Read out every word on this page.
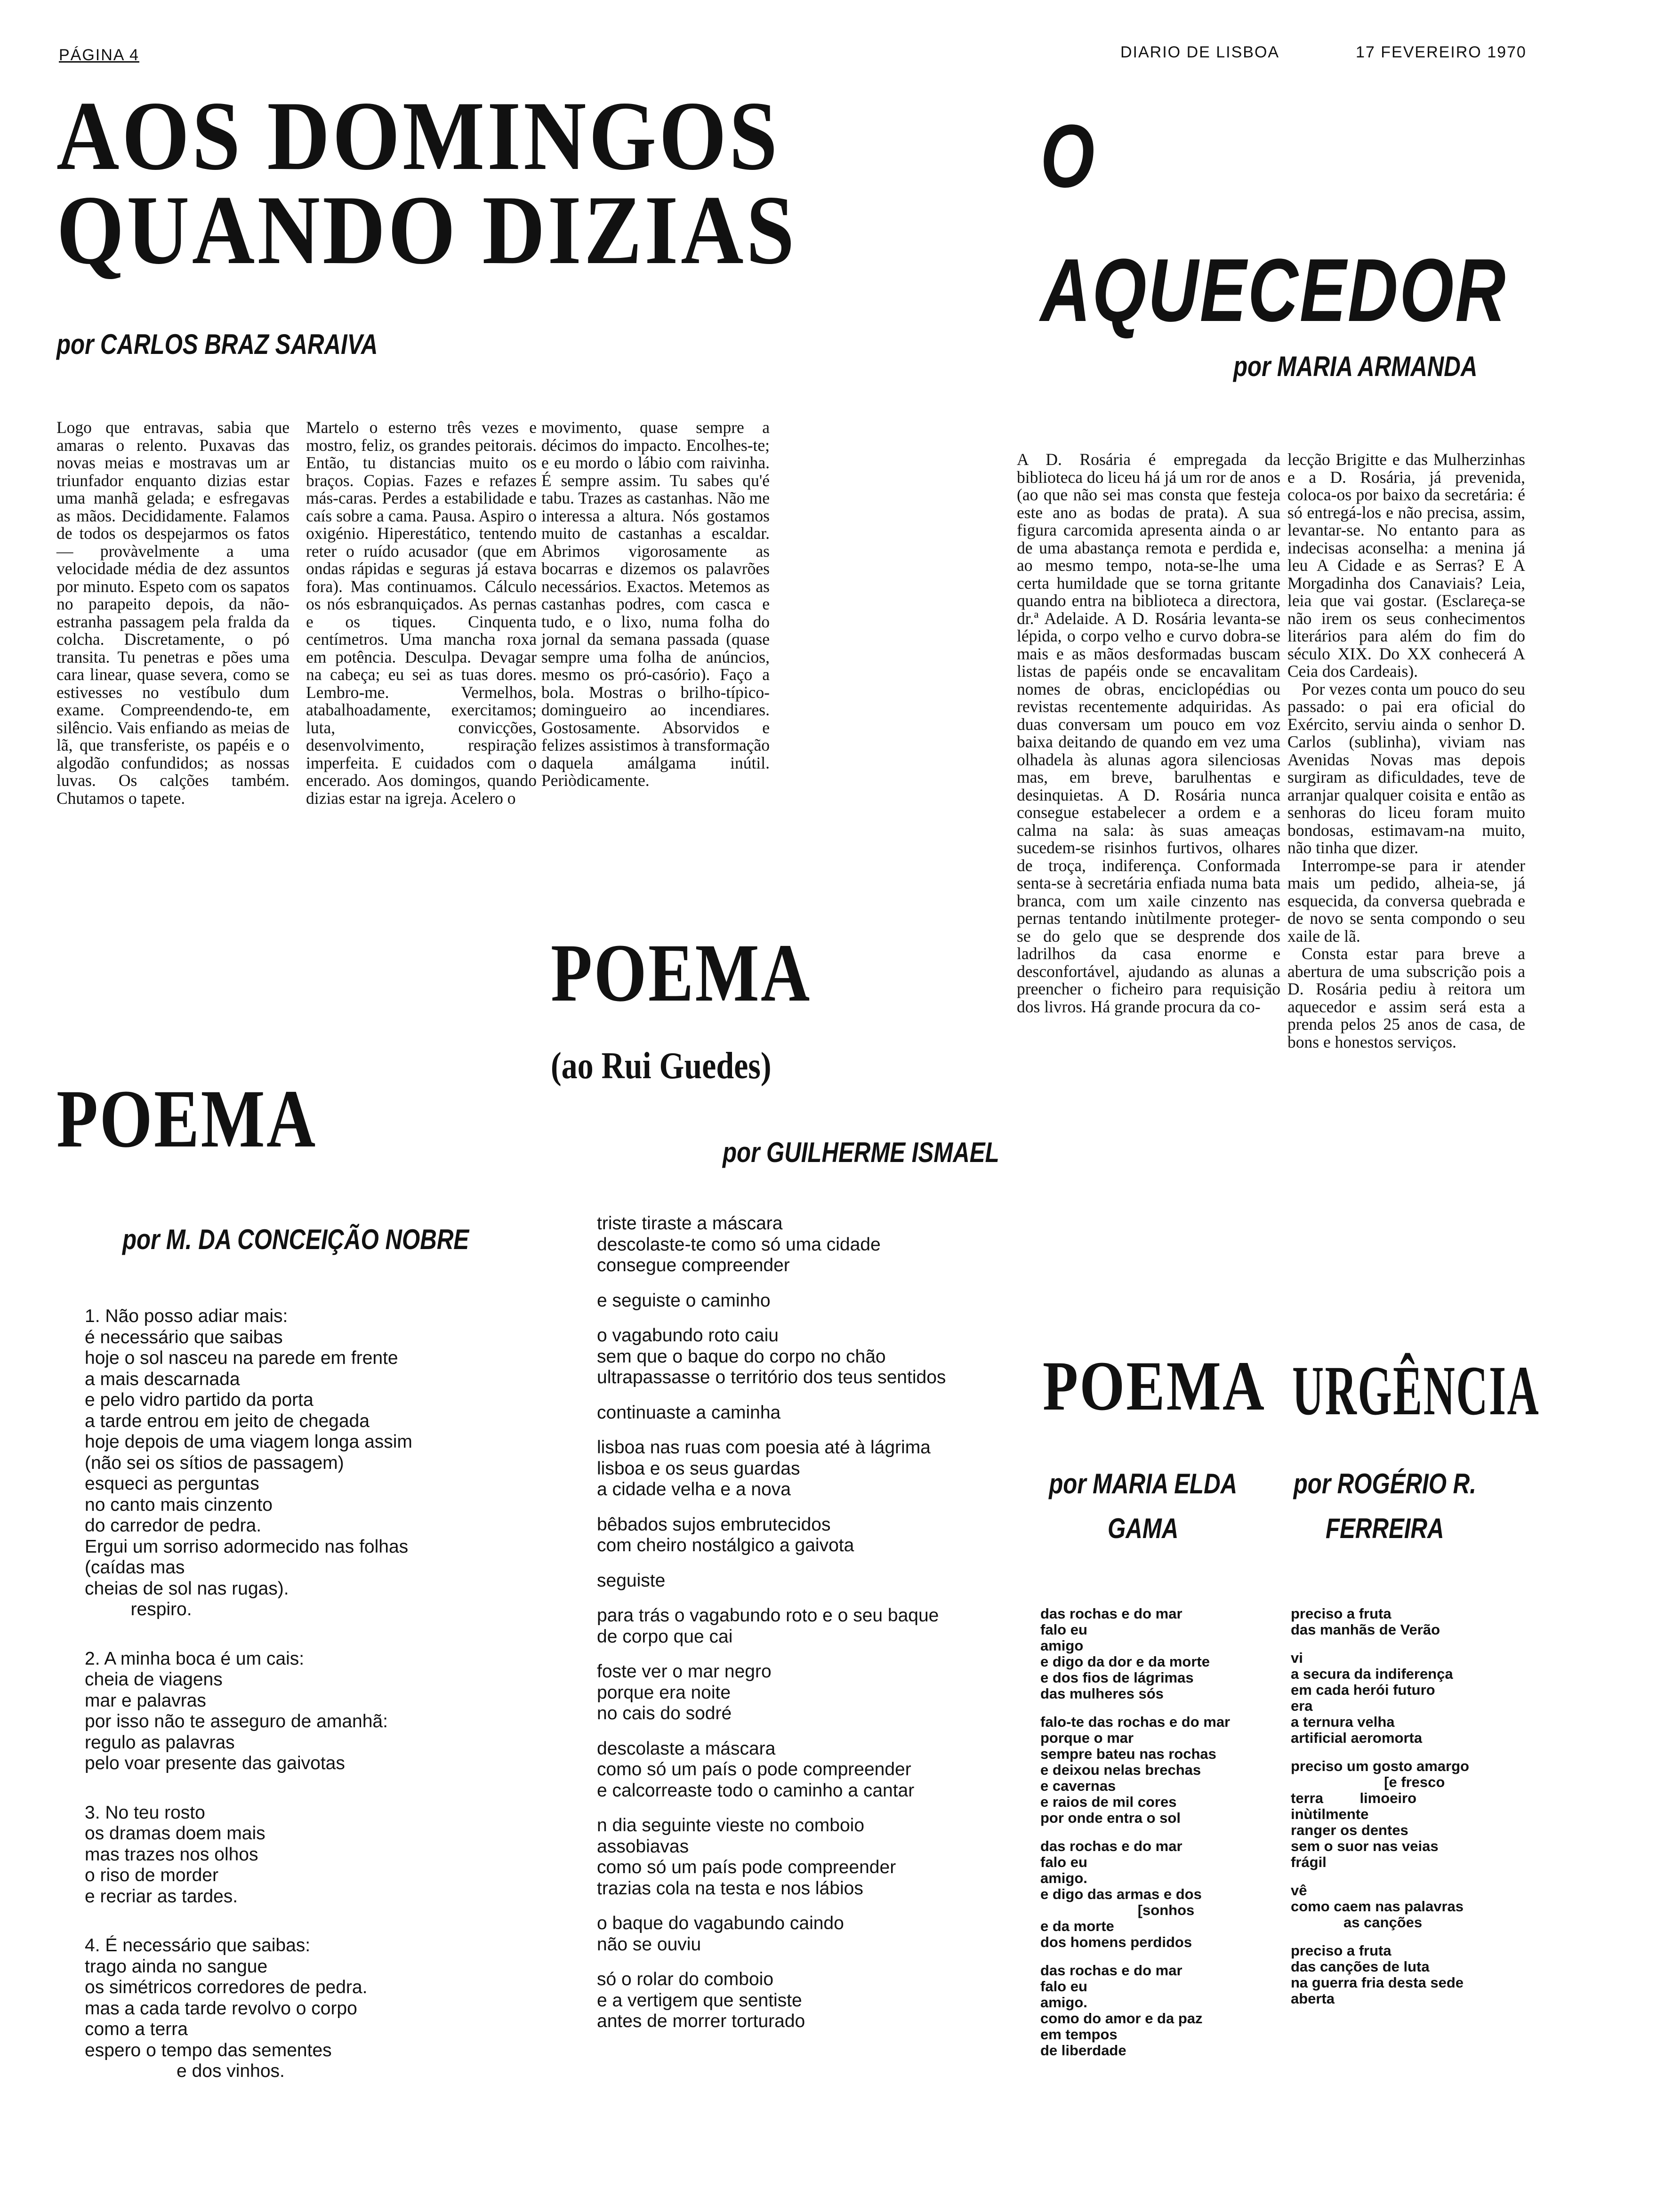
PÁGINA 4	DIARIO DE LISBOA	17 FEVEREIRO 1970
AOS DOMINGOS
QUANDO DIZIAS
por CARLOS BRAZ SARAIVA
Logo que entravas, sabia que amaras o relento. Puxavas das novas meias e mostravas um ar triunfador enquanto dizias estar uma manhã gelada; e esfregavas as mãos. Decididamente. Falamos de todos os despejarmos os fatos— provàvelmente a uma velocidade média de dez assuntos por minuto. Espeto com os sapatos no parapeito depois, da não-estranha passagem pela fralda da colcha. Discretamente, o pó transita. Tu penetras e pões uma cara linear, quase severa, como se estivesses no vestíbulo dum exame. Compreendendo-te, em silêncio. Vais enfiando as meias de lã, que transferiste, os papéis e o algodão confundidos; as nossas luvas. Os calções também. Chutamos o tapete.
Martelo o esterno três vezes e mostro, feliz, os grandes peitorais. Então, tu distancias muito os braços. Copias. Fazes e refazes más-caras. Perdes a estabilidade e caís sobre a cama. Pausa. Aspiro o oxigénio. Hiperestático, tentendo reter o ruído acusador (que em ondas rápidas e seguras já estava fora). Mas continuamos. Cálculo os nós esbranquiçados. As pernas e os tiques. Cinquenta centímetros. Uma mancha roxa em potência. Desculpa. Devagar na cabeça; eu sei as tuas dores. Lembro-me. Vermelhos, atabalhoadamente, exercitamos; luta, convicções, desenvolvimento, respiração imperfeita. E cuidados com o encerado. Aos domingos, quando dizias estar na igreja. Acelero o
movimento, quase sempre a décimos do impacto. Encolhes-te; e eu mordo o lábio com raivinha. É sempre assim. Tu sabes qu'é tabu. Trazes as castanhas. Não me interessa a altura. Nós gostamos muito de castanhas a escaldar. Abrimos vigorosamente as bocarras e dizemos os palavrões necessários. Exactos. Metemos as castanhas podres, com casca e tudo, e o lixo, numa folha do jornal da semana passada (quase sempre uma folha de anúncios, mesmo os pró-casório). Faço a bola. Mostras o brilho-típico-domingueiro ao incendiares. Gostosamente. Absorvidos e felizes assistimos à transformação daquela amálgama inútil. Periòdicamente.
O
AQUECEDOR
por MARIA ARMANDA
A D. Rosária é empregada da biblioteca do liceu há já um ror de anos (ao que não sei mas consta que festeja este ano as bodas de prata). A sua figura carcomida apresenta ainda o ar de uma abastança remota e perdida e, ao mesmo tempo, nota-se-lhe uma certa humildade que se torna gritante quando entra na biblioteca a directora, dr.ª Adelaide. A D. Rosária levanta-se lépida, o corpo velho e curvo dobra-se mais e as mãos desformadas buscam listas de papéis onde se encavalitam nomes de obras, enciclopédias ou revistas recentemente adquiridas. As duas conversam um pouco em voz baixa deitando de quando em vez uma olhadela às alunas agora silenciosas mas, em breve, barulhentas e desinquietas. A D. Rosária nunca consegue estabelecer a ordem e a calma na sala: às suas ameaças sucedem-se risinhos furtivos, olhares de troça, indiferença. Conformada senta-se à secretária enfiada numa bata branca, com um xaile cinzento nas pernas tentando inùtilmente proteger-se do gelo que se desprende dos ladrilhos da casa enorme e desconfortável, ajudando as alunas a preencher o ficheiro para requisição dos livros. Há grande procura da co-

lecção Brigitte e das Mulherzinhas e a D. Rosária, já prevenida, coloca-os por baixo da secretária: é só entregá-los e não precisa, assim, levantar-se. No entanto para as indecisas aconselha: a menina já leu A Cidade e as Serras? E A Morgadinha dos Canaviais? Leia, leia que vai gostar. (Esclareça-se não irem os seus conhecimentos literários para além do fim do século XIX. Do XX conhecerá A Ceia dos Cardeais).

Por vezes conta um pouco do seu passado: o pai era oficial do Exército, serviu ainda o senhor D. Carlos (sublinha), viviam nas Avenidas Novas mas depois surgiram as dificuldades, teve de arranjar qualquer coisita e então as senhoras do liceu foram muito bondosas, estimavam-na muito, não tinha que dizer.

Interrompe-se para ir atender mais um pedido, alheia-se, já esquecida, da conversa quebrada e de novo se senta compondo o seu xaile de lã.

Consta estar para breve a abertura de uma subscrição pois a D. Rosária pediu à reitora um aquecedor e assim será esta a prenda pelos 25 anos de casa, de bons e honestos serviços.

POEMA
por M. DA CONCEIÇÃO NOBRE
1. Não posso adiar mais:
é necessário que saibas
hoje o sol nasceu na parede em frente
a mais descarnada
e pelo vidro partido da porta
a tarde entrou em jeito de chegada
hoje depois de uma viagem longa assim
(não sei os sítios de passagem)
esqueci as perguntas
no canto mais cinzento
do carredor de pedra.
Ergui um sorriso adormecido nas folhas
(caídas mas
cheias de sol nas rugas).
respiro.
2. A minha boca é um cais:
cheia de viagens
mar e palavras
por isso não te asseguro de amanhã:
regulo as palavras
pelo voar presente das gaivotas
3. No teu rosto
os dramas doem mais
mas trazes nos olhos
o riso de morder
e recriar as tardes.
4. É necessário que saibas:
trago ainda no sangue
os simétricos corredores de pedra.
mas a cada tarde revolvo o corpo
como a terra
espero o tempo das sementes
e dos vinhos.
POEMA
(ao Rui Guedes)
por GUILHERME ISMAEL
triste tiraste a máscara
descolaste-te como só uma cidade
consegue compreender
e seguiste o caminho
o vagabundo roto caiu
sem que o baque do corpo no chão
ultrapassasse o território dos teus sentidos
continuaste a caminha
lisboa nas ruas com poesia até à lágrima
lisboa e os seus guardas
a cidade velha e a nova
bêbados sujos embrutecidos
com cheiro nostálgico a gaivota
seguiste
para trás o vagabundo roto e o seu baque
de corpo que cai
foste ver o mar negro
porque era noite
no cais do sodré
descolaste a máscara
como só um país o pode compreender
e calcorreaste todo o caminho a cantar
n dia seguinte vieste no comboio
assobiavas
como só um país pode compreender
trazias cola na testa e nos lábios
o baque do vagabundo caindo
não se ouviu
só o rolar do comboio
e a vertigem que sentiste
antes de morrer torturado
POEMA
por MARIA ELDA
GAMA
das rochas e do mar
falo eu
amigo
e digo da dor e da morte
e dos fios de lágrimas
das mulheres sós
falo-te das rochas e do mar
porque o mar
sempre bateu nas rochas
e deixou nelas brechas
e cavernas
e raios de mil cores
por onde entra o sol
das rochas e do mar
falo eu
amigo.
e digo das armas e dos
[sonhos
e da morte
dos homens perdidos
das rochas e do mar
falo eu
amigo.
como do amor e da paz
em tempos
de liberdade
URGÊNCIA
por ROGÉRIO R.
FERREIRA
preciso a fruta
das manhãs de Verão
vi
a secura da indiferença
em cada herói futuro
era
a ternura velha
artificial aeromorta
preciso um gosto amargo
[e fresco
terra         limoeiro
inùtilmente
ranger os dentes
sem o suor nas veias
frágil
vê
como caem nas palavras
as canções
preciso a fruta
das canções de luta
na guerra fria desta sede
aberta
